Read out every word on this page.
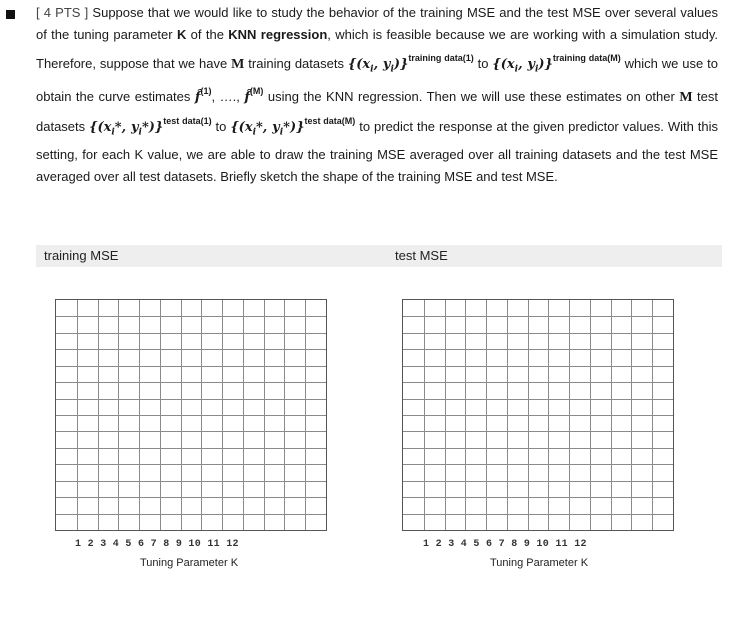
[ 4 PTS ] Suppose that we would like to study the behavior of the training MSE and the test MSE over several values of the tuning parameter K of the KNN regression, which is feasible because we are working with a simulation study. Therefore, suppose that we have M training datasets {($x_i$, $y_i)\}^{training data(1)}$ to {($x_i$, $y_i)\}^{training data(M)}$ which we use to obtain the curve estimates f̂$^{(1)}$, …., f̂$^{(M)}$ using the KNN regression. Then we will use these estimates on other M test datasets {($x_i*$, $y_i*)\}^{test data(1)}$ to {($x_i*$, $y_i*)\}^{test data(M)}$ to predict the response at the given predictor values. With this setting, for each K value, we are able to draw the training MSE averaged over all training datasets and the test MSE averaged over all test datasets. Briefly sketch the shape of the training MSE and test MSE.
training MSE	test MSE
1 2 3 4 5 6 7 8 9 10 11 12	1 2 3 4 5 6 7 8 9 10 11 12
Tuning Parameter K	Tuning Parameter K
